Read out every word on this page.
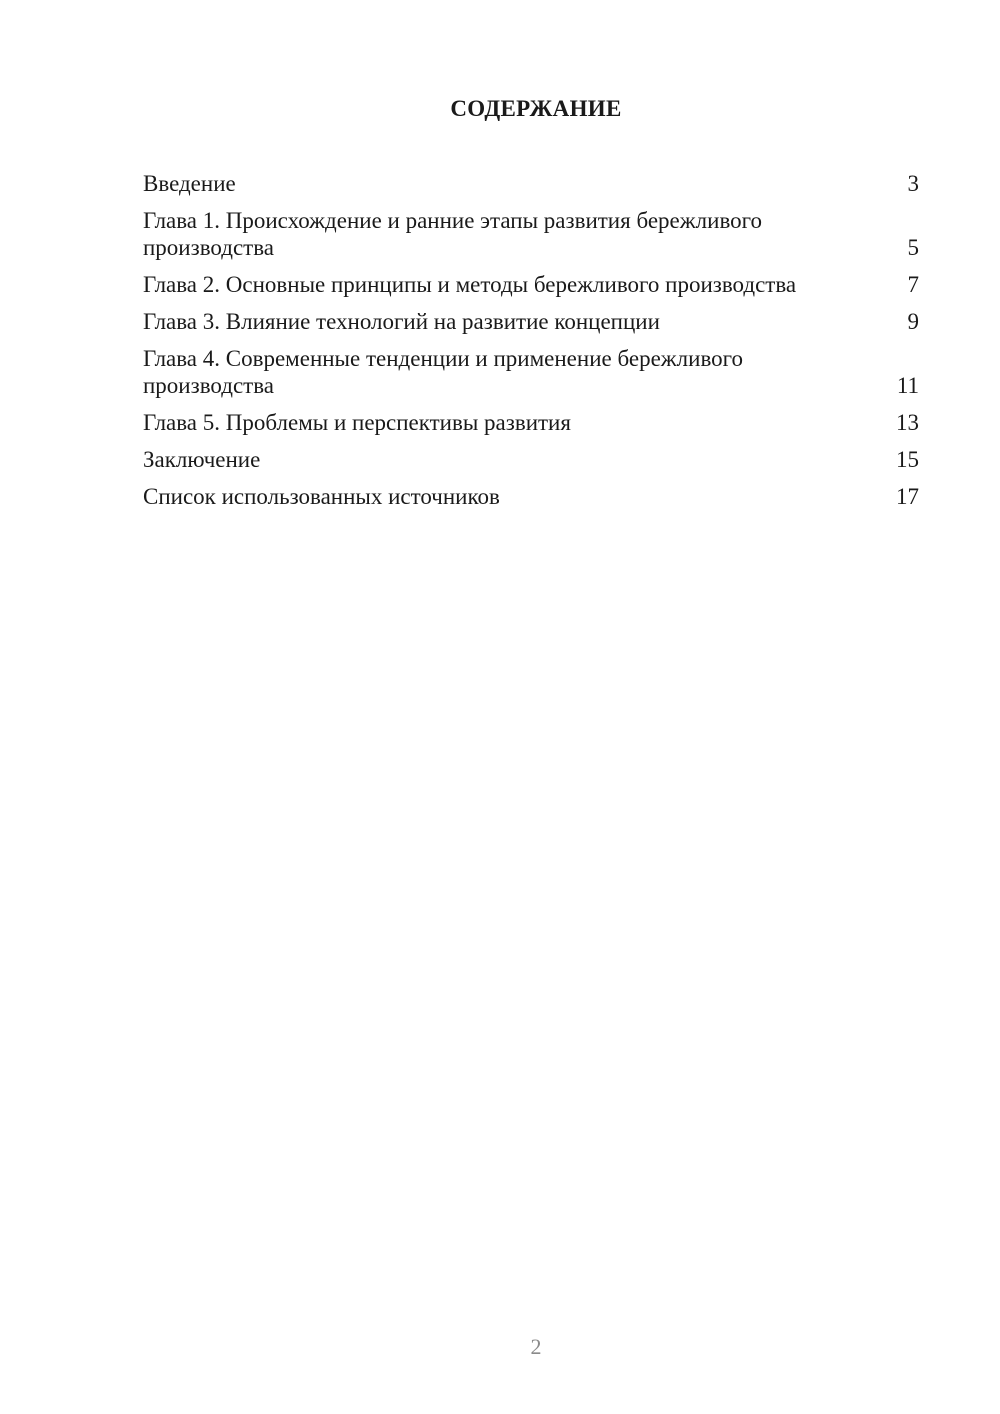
СОДЕРЖАНИЕ
Введение	3
Глава 1. Происхождение и ранние этапы развития бережливого производства	5
Глава 2. Основные принципы и методы бережливого производства	7
Глава 3. Влияние технологий на развитие концепции	9
Глава 4. Современные тенденции и применение бережливого производства	11
Глава 5. Проблемы и перспективы развития	13
Заключение	15
Список использованных источников	17
2
